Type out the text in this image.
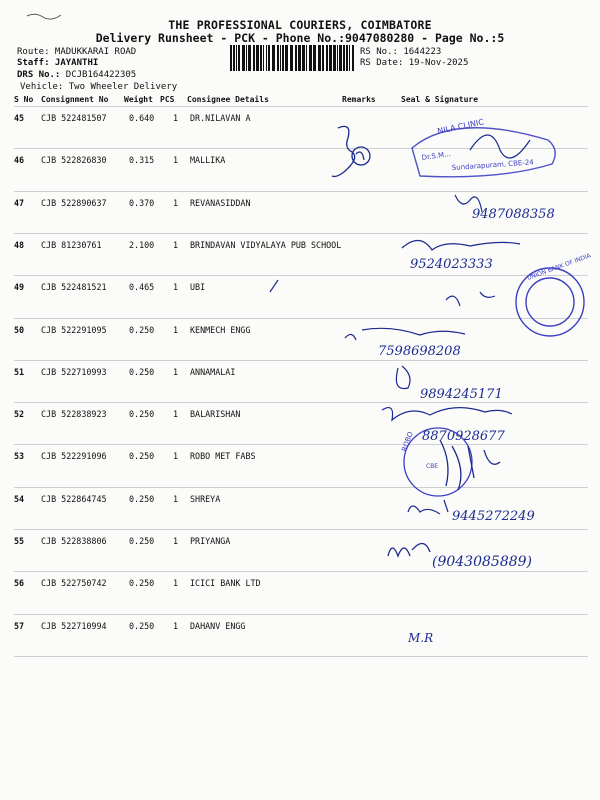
THE PROFESSIONAL COURIERS, COIMBATORE
Delivery Runsheet - PCK - Phone No.:9047080280 - Page No.:5
Route: MADUKKARAI ROAD
Staff: JAYANTHI
DRS No.: DCJB164422305
Vehicle: Two Wheeler Delivery
RS No.: 1644223
RS Date: 19-Nov-2025
S No Consignment No Weight PCS Consignee Details	Remarks	Seal & Signature
45 CJB 522481507	0.640 1 DR.NILAVAN A
46 CJB 522826830	0.315 1 MALLIKA
47 CJB 522890637	0.370 1 REVANASIDDAN
48 CJB 81230761	2.100 1 BRINDAVAN VIDYALAYA PUB SCHOOL
49 CJB 522481521	0.465 1 UBI
50 CJB 522291095	0.250 1 KENMECH ENGG
51 CJB 522710993	0.250 1 ANNAMALAI
52 CJB 522838923	0.250 1 BALARISHAN
53 CJB 522291096	0.250 1 ROBO MET FABS
54 CJB 522864745	0.250 1 SHREYA
55 CJB 522838806	0.250 1 PRIYANGA
56 CJB 522750742	0.250 1 ICICI BANK LTD
57 CJB 522710994	0.250 1 DAHANV ENGG
NILA CLINIC
Dr.S.M...
Sundarapuram, CBE-24
9487088358
9524023333	UNION BANK OF INDIA
7598698208
9894245171
8870928677
ROBO
CBE
9445272249
(9043085889)
M.R
